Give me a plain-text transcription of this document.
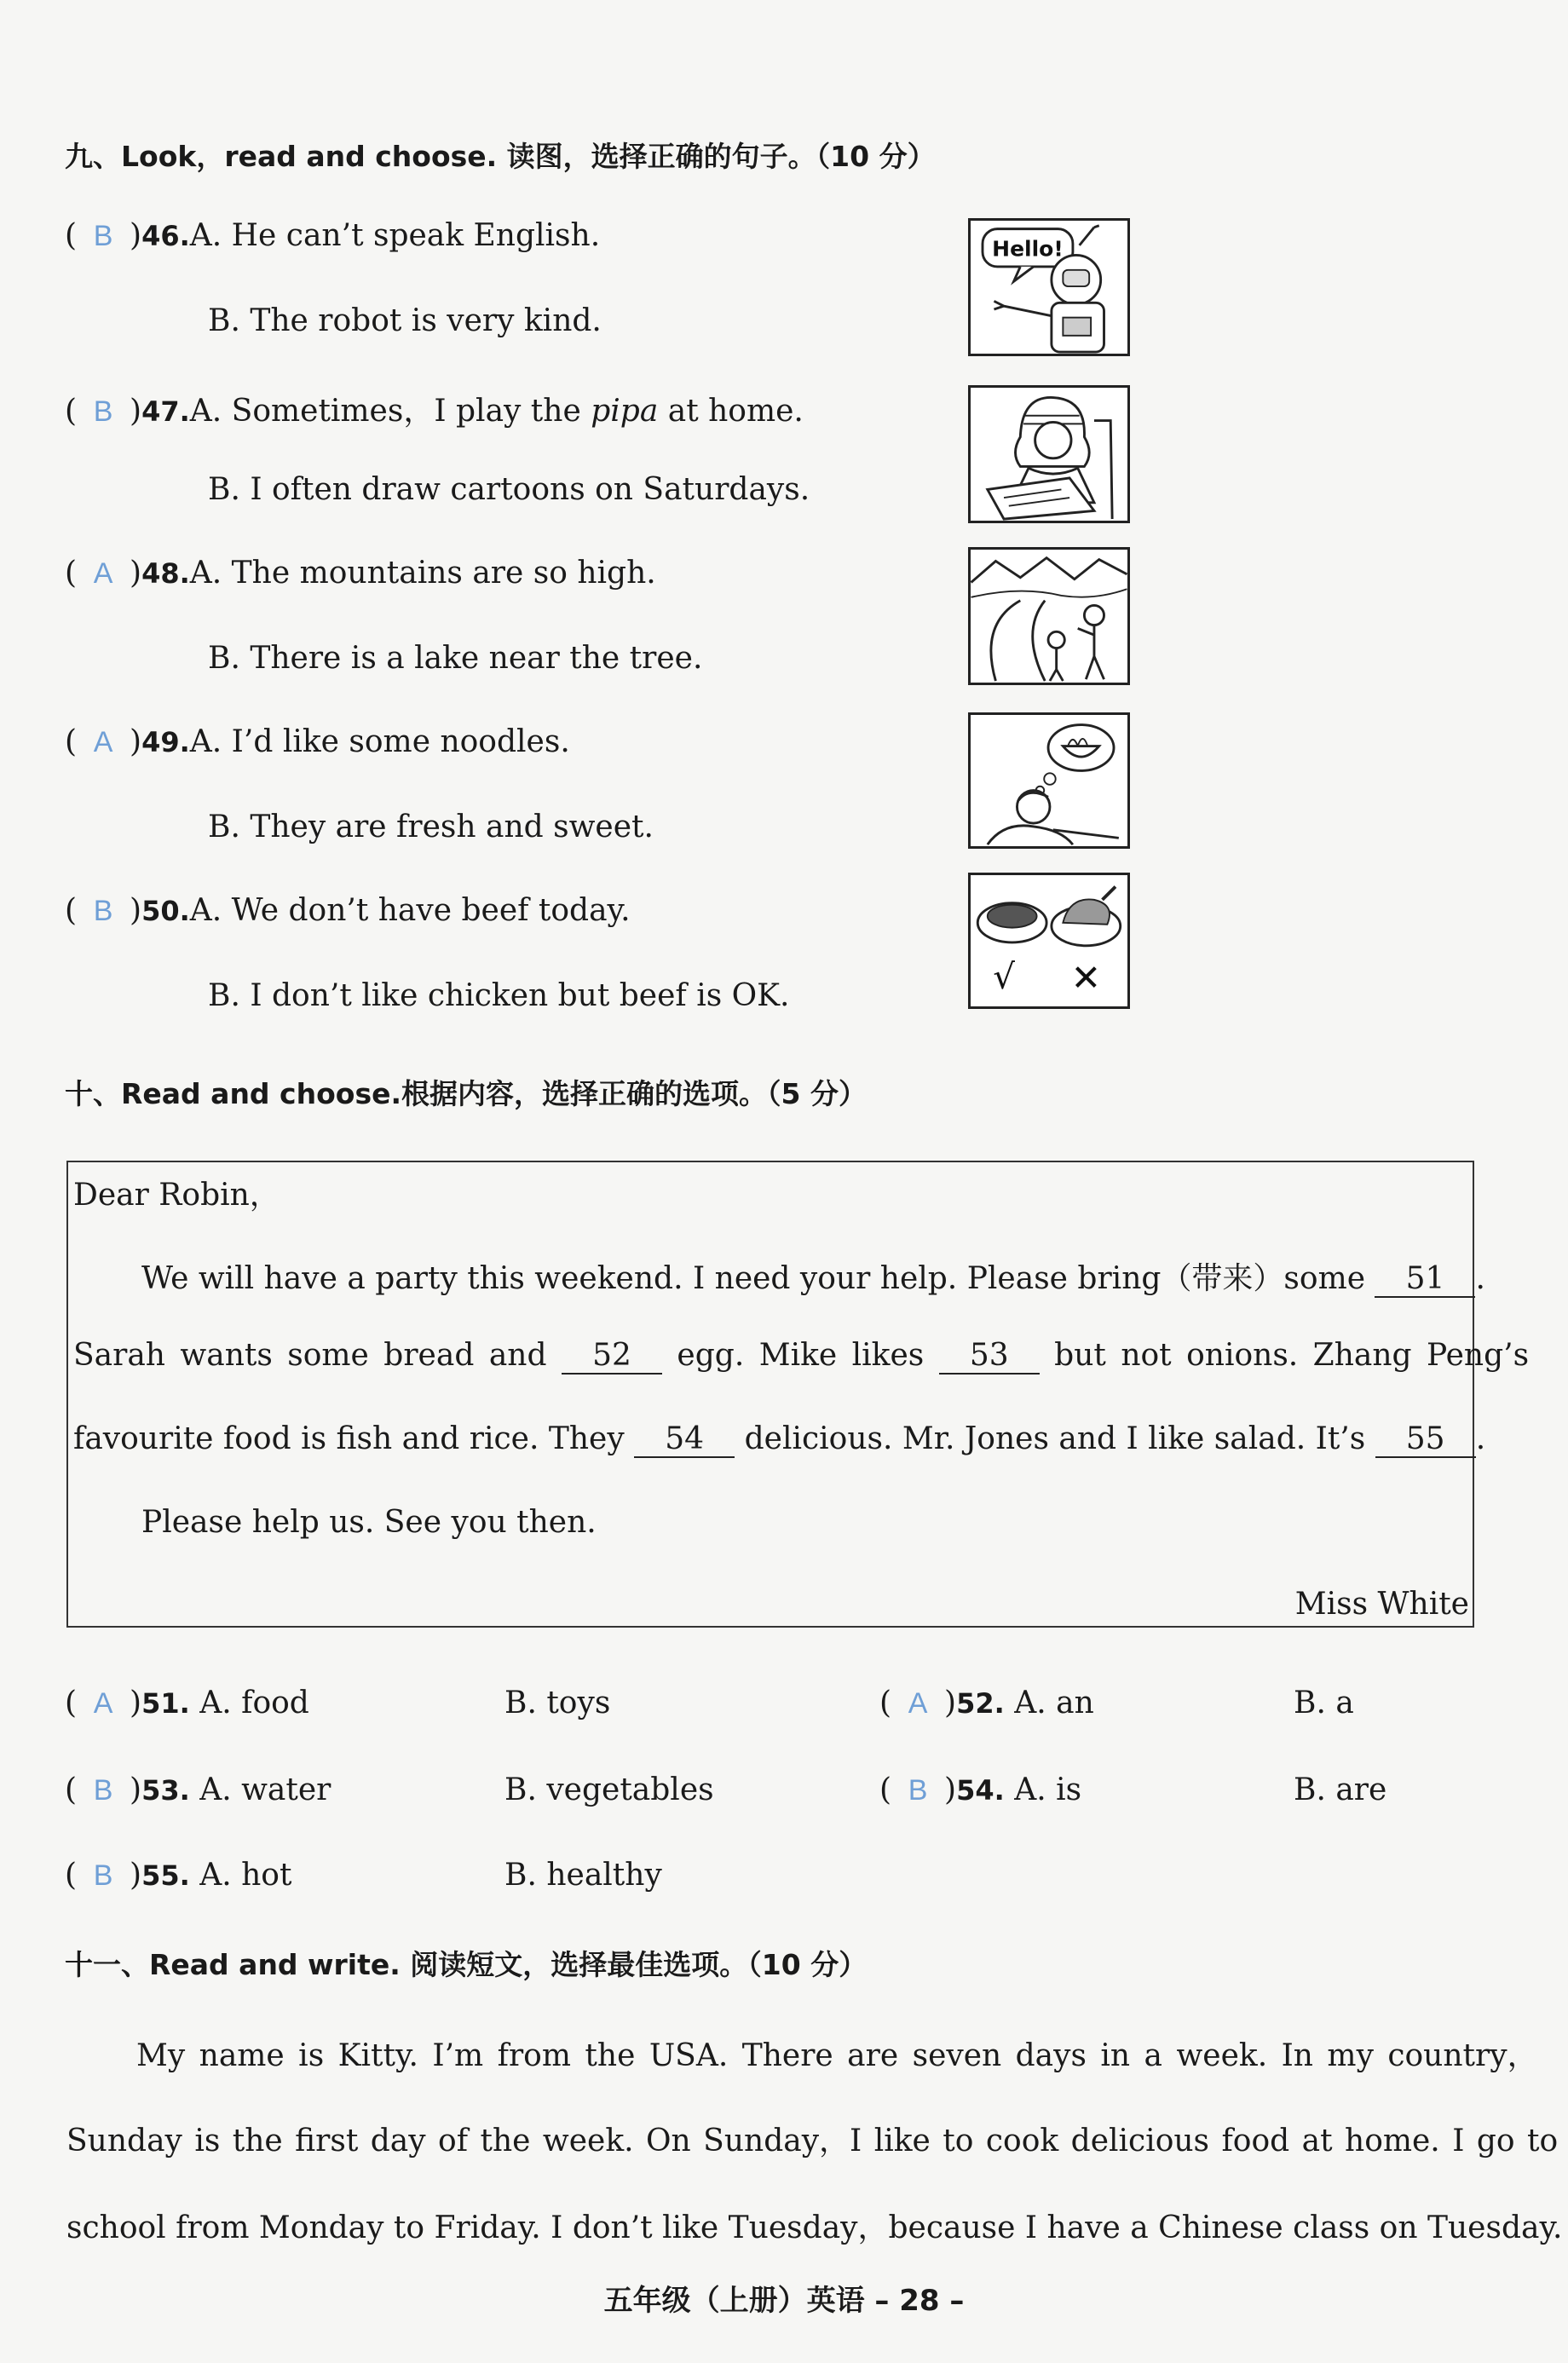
九、Look，read and choose. 读图，选择正确的句子。（10 分）
( B )46.A. He can’t speak English.
B. The robot is very kind.
( B )47.A. Sometimes，I play the pipa at home.
B. I often draw cartoons on Saturdays.
( A )48.A. The mountains are so high.
B. There is a lake near the tree.
( A )49.A. I’d like some noodles.
B. They are fresh and sweet.
( B )50.A. We don’t have beef today.
B. I don’t like chicken but beef is OK.
Hello!
√ ✕
十、Read and choose.根据内容，选择正确的选项。（5 分）
Dear Robin，
We will have a party this weekend. I need your help. Please bring（带来）some 51 .
Sarah wants some bread and 52 egg. Mike likes 53 but not onions. Zhang Peng’s
favourite food is fish and rice. They 54 delicious. Mr. Jones and I like salad. It’s 55 .
Please help us. See you then.
Miss White
( A )51. A. food	B. toys	( A )52. A. an	B. a
( B )53. A. water	B. vegetables	( B )54. A. is	B. are
( B )55. A. hot	B. healthy
十一、Read and write. 阅读短文，选择最佳选项。（10 分）
My name is Kitty. I’m from the USA. There are seven days in a week. In my country，
Sunday is the first day of the week. On Sunday，I like to cook delicious food at home. I go to
school from Monday to Friday. I don’t like Tuesday，because I have a Chinese class on Tuesday.
五年级（上册）英语 – 28 –
